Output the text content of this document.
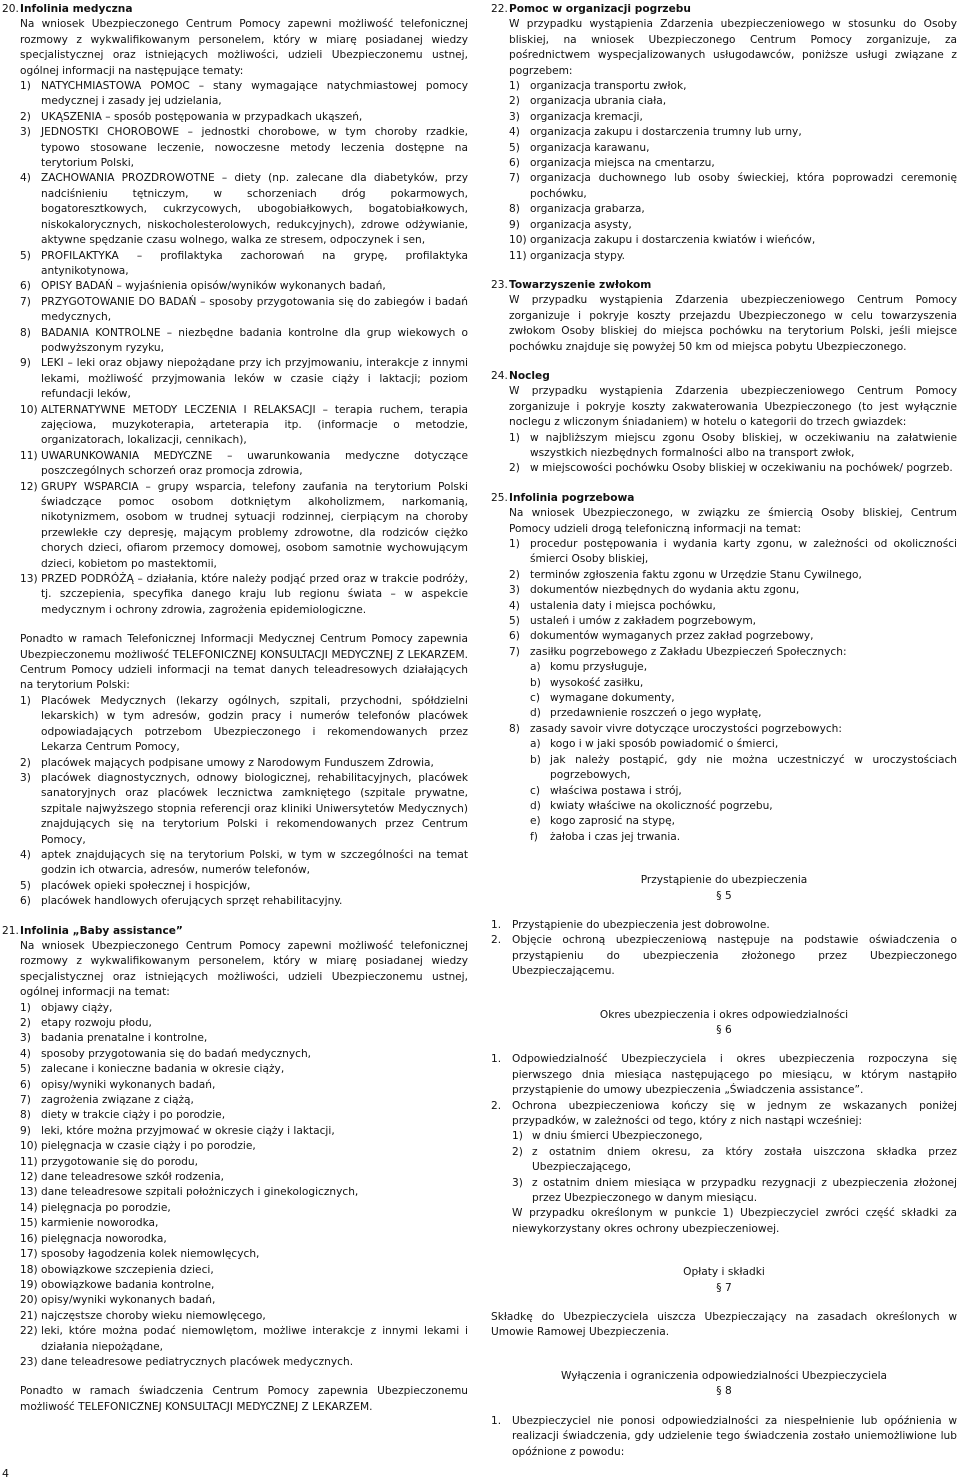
20. Infolinia medyczna

Na wniosek Ubezpieczonego Centrum Pomocy zapewni możliwość telefonicznej rozmowy z wykwalifikowanym personelem, który w miarę posiadanej wiedzy specjalistycznej oraz istniejących możliwości, udzieli Ubezpieczonemu ustnej, ogólnej informacji na następujące tematy:

1) NATYCHMIASTOWA POMOC – stany wymagające natychmiastowej pomocy medycznej i zasady jej udzielania,
2) UKĄSZENIA – sposób postępowania w przypadkach ukąszeń,
3) JEDNOSTKI CHOROBOWE – jednostki chorobowe, w tym choroby rzadkie, typowo stosowane leczenie, nowoczesne metody leczenia dostępne na terytorium Polski,
4) ZACHOWANIA PROZDROWOTNE – diety (np. zalecane dla diabetyków, przy nadciśnieniu tętniczym, w schorzeniach dróg pokarmowych, bogatoresztkowych, cukrzycowych, ubogobiałkowych, bogatobiałkowych, niskokalorycznych, niskocholesterolowych, redukcyjnych), zdrowe odżywianie, aktywne spędzanie czasu wolnego, walka ze stresem, odpoczynek i sen,
5) PROFILAKTYKA – profilaktyka zachorowań na grypę, profilaktyka antynikotynowa,
6) OPISY BADAŃ – wyjaśnienia opisów/wyników wykonanych badań,
7) PRZYGOTOWANIE DO BADAŃ – sposoby przygotowania się do zabiegów i badań medycznych,
8) BADANIA KONTROLNE – niezbędne badania kontrolne dla grup wiekowych o podwyższonym ryzyku,
9) LEKI – leki oraz objawy niepożądane przy ich przyjmowaniu, interakcje z innymi lekami, możliwość przyjmowania leków w czasie ciąży i laktacji; poziom refundacji leków,
10) ALTERNATYWNE METODY LECZENIA I RELAKSACJI – terapia ruchem, terapia zajęciowa, muzykoterapia, arteterapia itp. (informacje o metodzie, organizatorach, lokalizacji, cennikach),
11) UWARUNKOWANIA MEDYCZNE – uwarunkowania medyczne dotyczące poszczególnych schorzeń oraz promocja zdrowia,
12) GRUPY WSPARCIA – grupy wsparcia, telefony zaufania na terytorium Polski świadczące pomoc osobom dotkniętym alkoholizmem, narkomanią, nikotynizmem, osobom w trudnej sytuacji rodzinnej, cierpiącym na choroby przewlekłe czy depresję, mającym problemy zdrowotne, dla rodziców ciężko chorych dzieci, ofiarom przemocy domowej, osobom samotnie wychowującym dzieci, kobietom po mastektomii,
13) PRZED PODRÓŻĄ – działania, które należy podjąć przed oraz w trakcie podróży, tj. szczepienia, specyfika danego kraju lub regionu świata – w aspekcie medycznym i ochrony zdrowia, zagrożenia epidemiologiczne.

Ponadto w ramach Telefonicznej Informacji Medycznej Centrum Pomocy zapewnia Ubezpieczonemu możliwość TELEFONICZNEJ KONSULTACJI MEDYCZNEJ Z LEKARZEM. Centrum Pomocy udzieli informacji na temat danych teleadresowych działających na terytorium Polski:

1) Placówek Medycznych (lekarzy ogólnych, szpitali, przychodni, spółdzielni lekarskich) w tym adresów, godzin pracy i numerów telefonów placówek odpowiadających potrzebom Ubezpieczonego i rekomendowanych przez Lekarza Centrum Pomocy,
2) placówek mających podpisane umowy z Narodowym Funduszem Zdrowia,
3) placówek diagnostycznych, odnowy biologicznej, rehabilitacyjnych, placówek sanatoryjnych oraz placówek lecznictwa zamkniętego (szpitale prywatne, szpitale najwyższego stopnia referencji oraz kliniki Uniwersytetów Medycznych) znajdujących się na terytorium Polski i rekomendowanych przez Centrum Pomocy,
4) aptek znajdujących się na terytorium Polski, w tym w szczególności na temat godzin ich otwarcia, adresów, numerów telefonów,
5) placówek opieki społecznej i hospicjów,
6) placówek handlowych oferujących sprzęt rehabilitacyjny.
21. Infolinia „Baby assistance”

Na wniosek Ubezpieczonego Centrum Pomocy zapewni możliwość telefonicznej rozmowy z wykwalifikowanym personelem, który w miarę posiadanej wiedzy specjalistycznej oraz istniejących możliwości, udzieli Ubezpieczonemu ustnej, ogólnej informacji na temat:

1) objawy ciąży,
2) etapy rozwoju płodu,
3) badania prenatalne i kontrolne,
4) sposoby przygotowania się do badań medycznych,
5) zalecane i konieczne badania w okresie ciąży,
6) opisy/wyniki wykonanych badań,
7) zagrożenia związane z ciążą,
8) diety w trakcie ciąży i po porodzie,
9) leki, które można przyjmować w okresie ciąży i laktacji,
10) pielęgnacja w czasie ciąży i po porodzie,
11) przygotowanie się do porodu,
12) dane teleadresowe szkół rodzenia,
13) dane teleadresowe szpitali położniczych i ginekologicznych,
14) pielęgnacja po porodzie,
15) karmienie noworodka,
16) pielęgnacja noworodka,
17) sposoby łagodzenia kolek niemowlęcych,
18) obowiązkowe szczepienia dzieci,
19) obowiązkowe badania kontrolne,
20) opisy/wyniki wykonanych badań,
21) najczęstsze choroby wieku niemowlęcego,
22) leki, które można podać niemowlętom, możliwe interakcje z innymi lekami i działania niepożądane,
23) dane teleadresowe pediatrycznych placówek medycznych.

Ponadto w ramach świadczenia Centrum Pomocy zapewnia Ubezpieczonemu możliwość TELEFONICZNEJ KONSULTACJI MEDYCZNEJ Z LEKARZEM.

22. Pomoc w organizacji pogrzebu

W przypadku wystąpienia Zdarzenia ubezpieczeniowego w stosunku do Osoby bliskiej, na wniosek Ubezpieczonego Centrum Pomocy zorganizuje, za pośrednictwem wyspecjalizowanych usługodawców, poniższe usługi związane z pogrzebem:

1) organizacja transportu zwłok,
2) organizacja ubrania ciała,
3) organizacja kremacji,
4) organizacja zakupu i dostarczenia trumny lub urny,
5) organizacja karawanu,
6) organizacja miejsca na cmentarzu,
7) organizacja duchownego lub osoby świeckiej, która poprowadzi ceremonię pochówku,
8) organizacja grabarza,
9) organizacja asysty,
10) organizacja zakupu i dostarczenia kwiatów i wieńców,
11) organizacja stypy.
23. Towarzyszenie zwłokom

W przypadku wystąpienia Zdarzenia ubezpieczeniowego Centrum Pomocy zorganizuje i pokryje koszty przejazdu Ubezpieczonego w celu towarzyszenia zwłokom Osoby bliskiej do miejsca pochówku na terytorium Polski, jeśli miejsce pochówku znajduje się powyżej 50 km od miejsca pobytu Ubezpieczonego.

24. Nocleg

W przypadku wystąpienia Zdarzenia ubezpieczeniowego Centrum Pomocy zorganizuje i pokryje koszty zakwaterowania Ubezpieczonego (to jest wyłącznie noclegu z wliczonym śniadaniem) w hotelu o kategorii do trzech gwiazdek:

1) w najbliższym miejscu zgonu Osoby bliskiej, w oczekiwaniu na załatwienie wszystkich niezbędnych formalności albo na transport zwłok,
2) w miejscowości pochówku Osoby bliskiej w oczekiwaniu na pochówek/ pogrzeb.
25. Infolinia pogrzebowa

Na wniosek Ubezpieczonego, w związku ze śmiercią Osoby bliskiej, Centrum Pomocy udzieli drogą telefoniczną informacji na temat:

1) procedur postępowania i wydania karty zgonu, w zależności od okoliczności śmierci Osoby bliskiej,
2) terminów zgłoszenia faktu zgonu w Urzędzie Stanu Cywilnego,
3) dokumentów niezbędnych do wydania aktu zgonu,
4) ustalenia daty i miejsca pochówku,
5) ustaleń i umów z zakładem pogrzebowym,
6) dokumentów wymaganych przez zakład pogrzebowy,
7) zasiłku pogrzebowego z Zakładu Ubezpieczeń Społecznych:
a) komu przysługuje,
b) wysokość zasiłku,
c) wymagane dokumenty,
d) przedawnienie roszczeń o jego wypłatę,
8) zasady savoir vivre dotyczące uroczystości pogrzebowych:
a) kogo i w jaki sposób powiadomić o śmierci,
b) jak należy postąpić, gdy nie można uczestniczyć w uroczystościach pogrzebowych,
c) właściwa postawa i strój,
d) kwiaty właściwe na okoliczność pogrzebu,
e) kogo zaprosić na stypę,
f)	żałoba i czas jej trwania.

Przystąpienie do ubezpieczenia

§ 5

1.	Przystąpienie do ubezpieczenia jest dobrowolne.
2.	Objęcie ochroną ubezpieczeniową następuje na podstawie oświadczenia o przystąpieniu do ubezpieczenia złożonego przez Ubezpieczonego Ubezpieczającemu.

Okres ubezpieczenia i okres odpowiedzialności

§ 6

1.	Odpowiedzialność Ubezpieczyciela i okres ubezpieczenia rozpoczyna się pierwszego dnia miesiąca następującego po miesiącu, w którym nastąpiło przystąpienie do umowy ubezpieczenia „Świadczenia assistance”.
2.	Ochrona ubezpieczeniowa kończy się w jednym ze wskazanych poniżej przypadków, w zależności od tego, który z nich nastąpi wcześniej:
1) w dniu śmierci Ubezpieczonego,
2) z ostatnim dniem okresu, za który została uiszczona składka przez Ubezpieczającego,
3) z ostatnim dniem miesiąca w przypadku rezygnacji z ubezpieczenia złożonej przez Ubezpieczonego w danym miesiącu.

W przypadku określonym w punkcie 1) Ubezpieczyciel zwróci część składki za niewykorzystany okres ochrony ubezpieczeniowej.

Opłaty i składki

§ 7

Składkę do Ubezpieczyciela uiszcza Ubezpieczający na zasadach określonych w Umowie Ramowej Ubezpieczenia.

Wyłączenia i ograniczenia odpowiedzialności Ubezpieczyciela

§ 8

1.	Ubezpieczyciel nie ponosi odpowiedzialności za niespełnienie lub opóźnienia w realizacji świadczenia, gdy udzielenie tego świadczenia zostało uniemożliwione lub opóźnione z powodu:
4
